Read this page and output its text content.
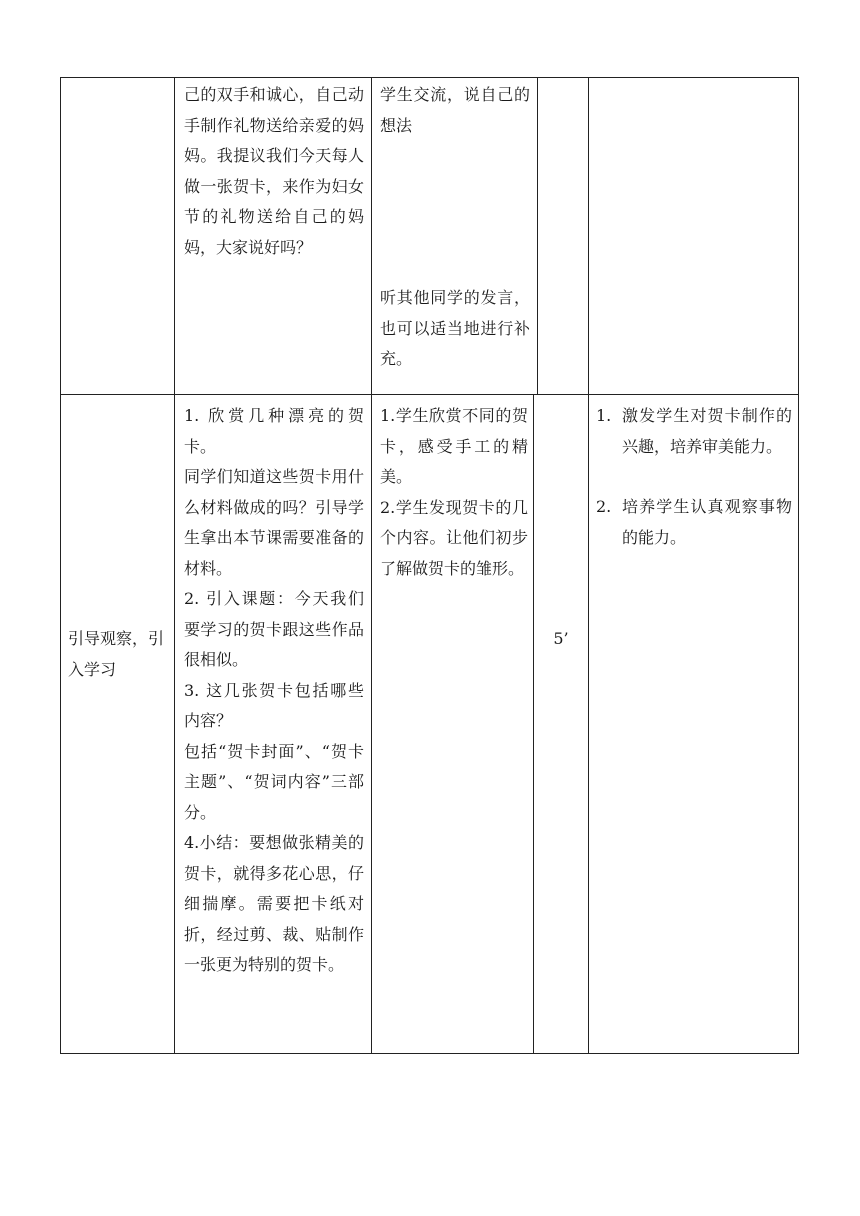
己的双手和诚心，自己动手制作礼物送给亲爱的妈妈。我提议我们今天每人做一张贺卡，来作为妇女节的礼物送给自己的妈妈，大家说好吗？

学生交流，说自己的想法

听其他同学的发言，也可以适当地进行补充。

引导观察，引入学习

1. 欣赏几种漂亮的贺卡。

同学们知道这些贺卡用什么材料做成的吗？引导学生拿出本节课需要准备的材料。

2. 引入课题：今天我们要学习的贺卡跟这些作品很相似。

3. 这几张贺卡包括哪些内容？

包括“贺卡封面”、“贺卡主题”、“贺词内容”三部分。

4.小结：要想做张精美的贺卡，就得多花心思，仔细揣摩。需要把卡纸对折，经过剪、裁、贴制作一张更为特别的贺卡。

1.学生欣赏不同的贺卡，感受手工的精美。

2.学生发现贺卡的几个内容。让他们初步了解做贺卡的雏形。

5’

1. 激发学生对贺卡制作的兴趣，培养审美能力。
2. 培养学生认真观察事物的能力。
